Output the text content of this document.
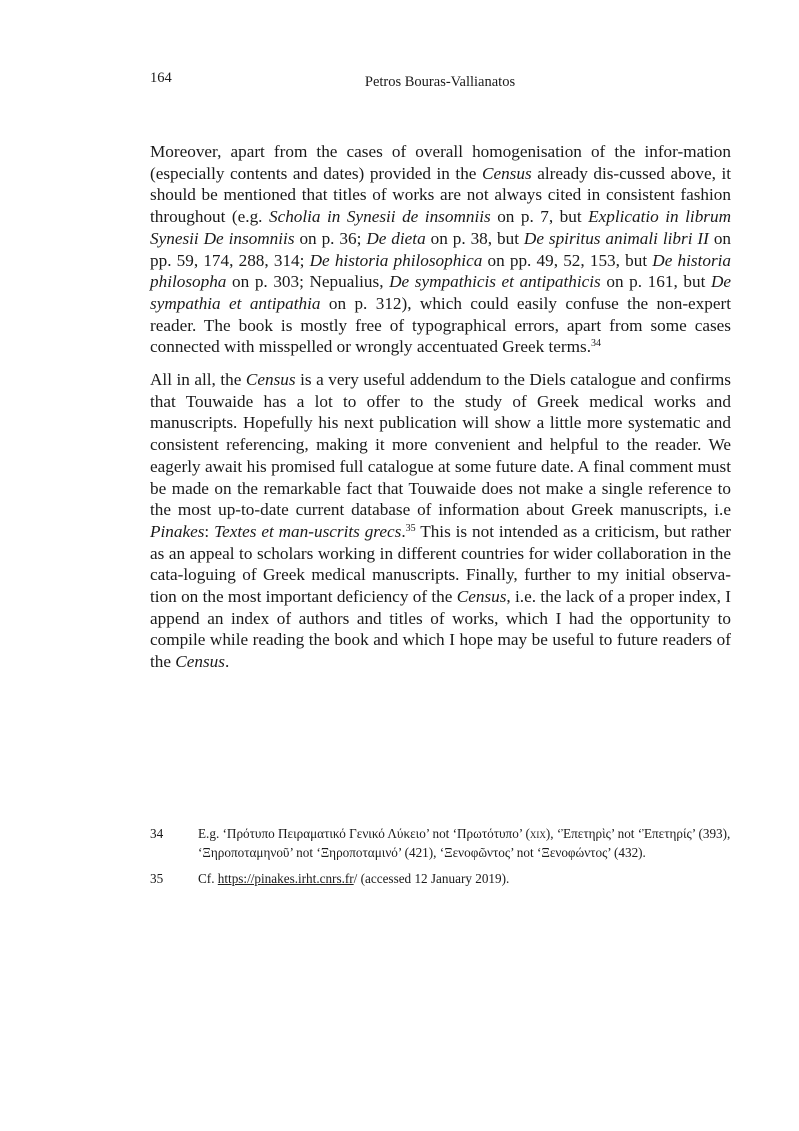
164	Petros Bouras-Vallianatos

Moreover, apart from the cases of overall homogenisation of the infor-mation (especially contents and dates) provided in the Census already dis-cussed above, it should be mentioned that titles of works are not always cited in consistent fashion throughout (e.g. Scholia in Synesii de insomniis on p. 7, but Explicatio in librum Synesii De insomniis on p. 36; De dieta on p. 38, but De spiritus animali libri II on pp. 59, 174, 288, 314; De historia philosophica on pp. 49, 52, 153, but De historia philosopha on p. 303; Nepualius, De sympathicis et antipathicis on p. 161, but De sympathia et antipathia on p. 312), which could easily confuse the non-expert reader. The book is mostly free of typographical errors, apart from some cases connected with misspelled or wrongly accentuated Greek terms.$^{34}$

All in all, the Census is a very useful addendum to the Diels catalogue and confirms that Touwaide has a lot to offer to the study of Greek medical works and manuscripts. Hopefully his next publication will show a little more systematic and consistent referencing, making it more convenient and helpful to the reader. We eagerly await his promised full catalogue at some future date. A final comment must be made on the remarkable fact that Touwaide does not make a single reference to the most up-to-date current database of information about Greek manuscripts, i.e Pinakes: Textes et man-uscrits grecs.$^{35}$ This is not intended as a criticism, but rather as an appeal to scholars working in different countries for wider collaboration in the cata-loguing of Greek medical manuscripts. Finally, further to my initial observa-tion on the most important deficiency of the Census, i.e. the lack of a proper index, I append an index of authors and titles of works, which I had the opportunity to compile while reading the book and which I hope may be useful to future readers of the Census.

34	E.g. ‘Πρότυπο Πειραματικό Γενικό Λύκειο’ not ‘Πρωτότυπο’ (xix), ‘Ἐπετηρὶς’ not ‘Ἐπετηρίς’ (393), ‘Ξηροποταμηνοῦ’ not ‘Ξηροποταμινό’ (421), ‘Ξενοφῶντος’ not ‘Ξενοφώντος’ (432).
35	Cf. https://pinakes.irht.cnrs.fr/ (accessed 12 January 2019).
